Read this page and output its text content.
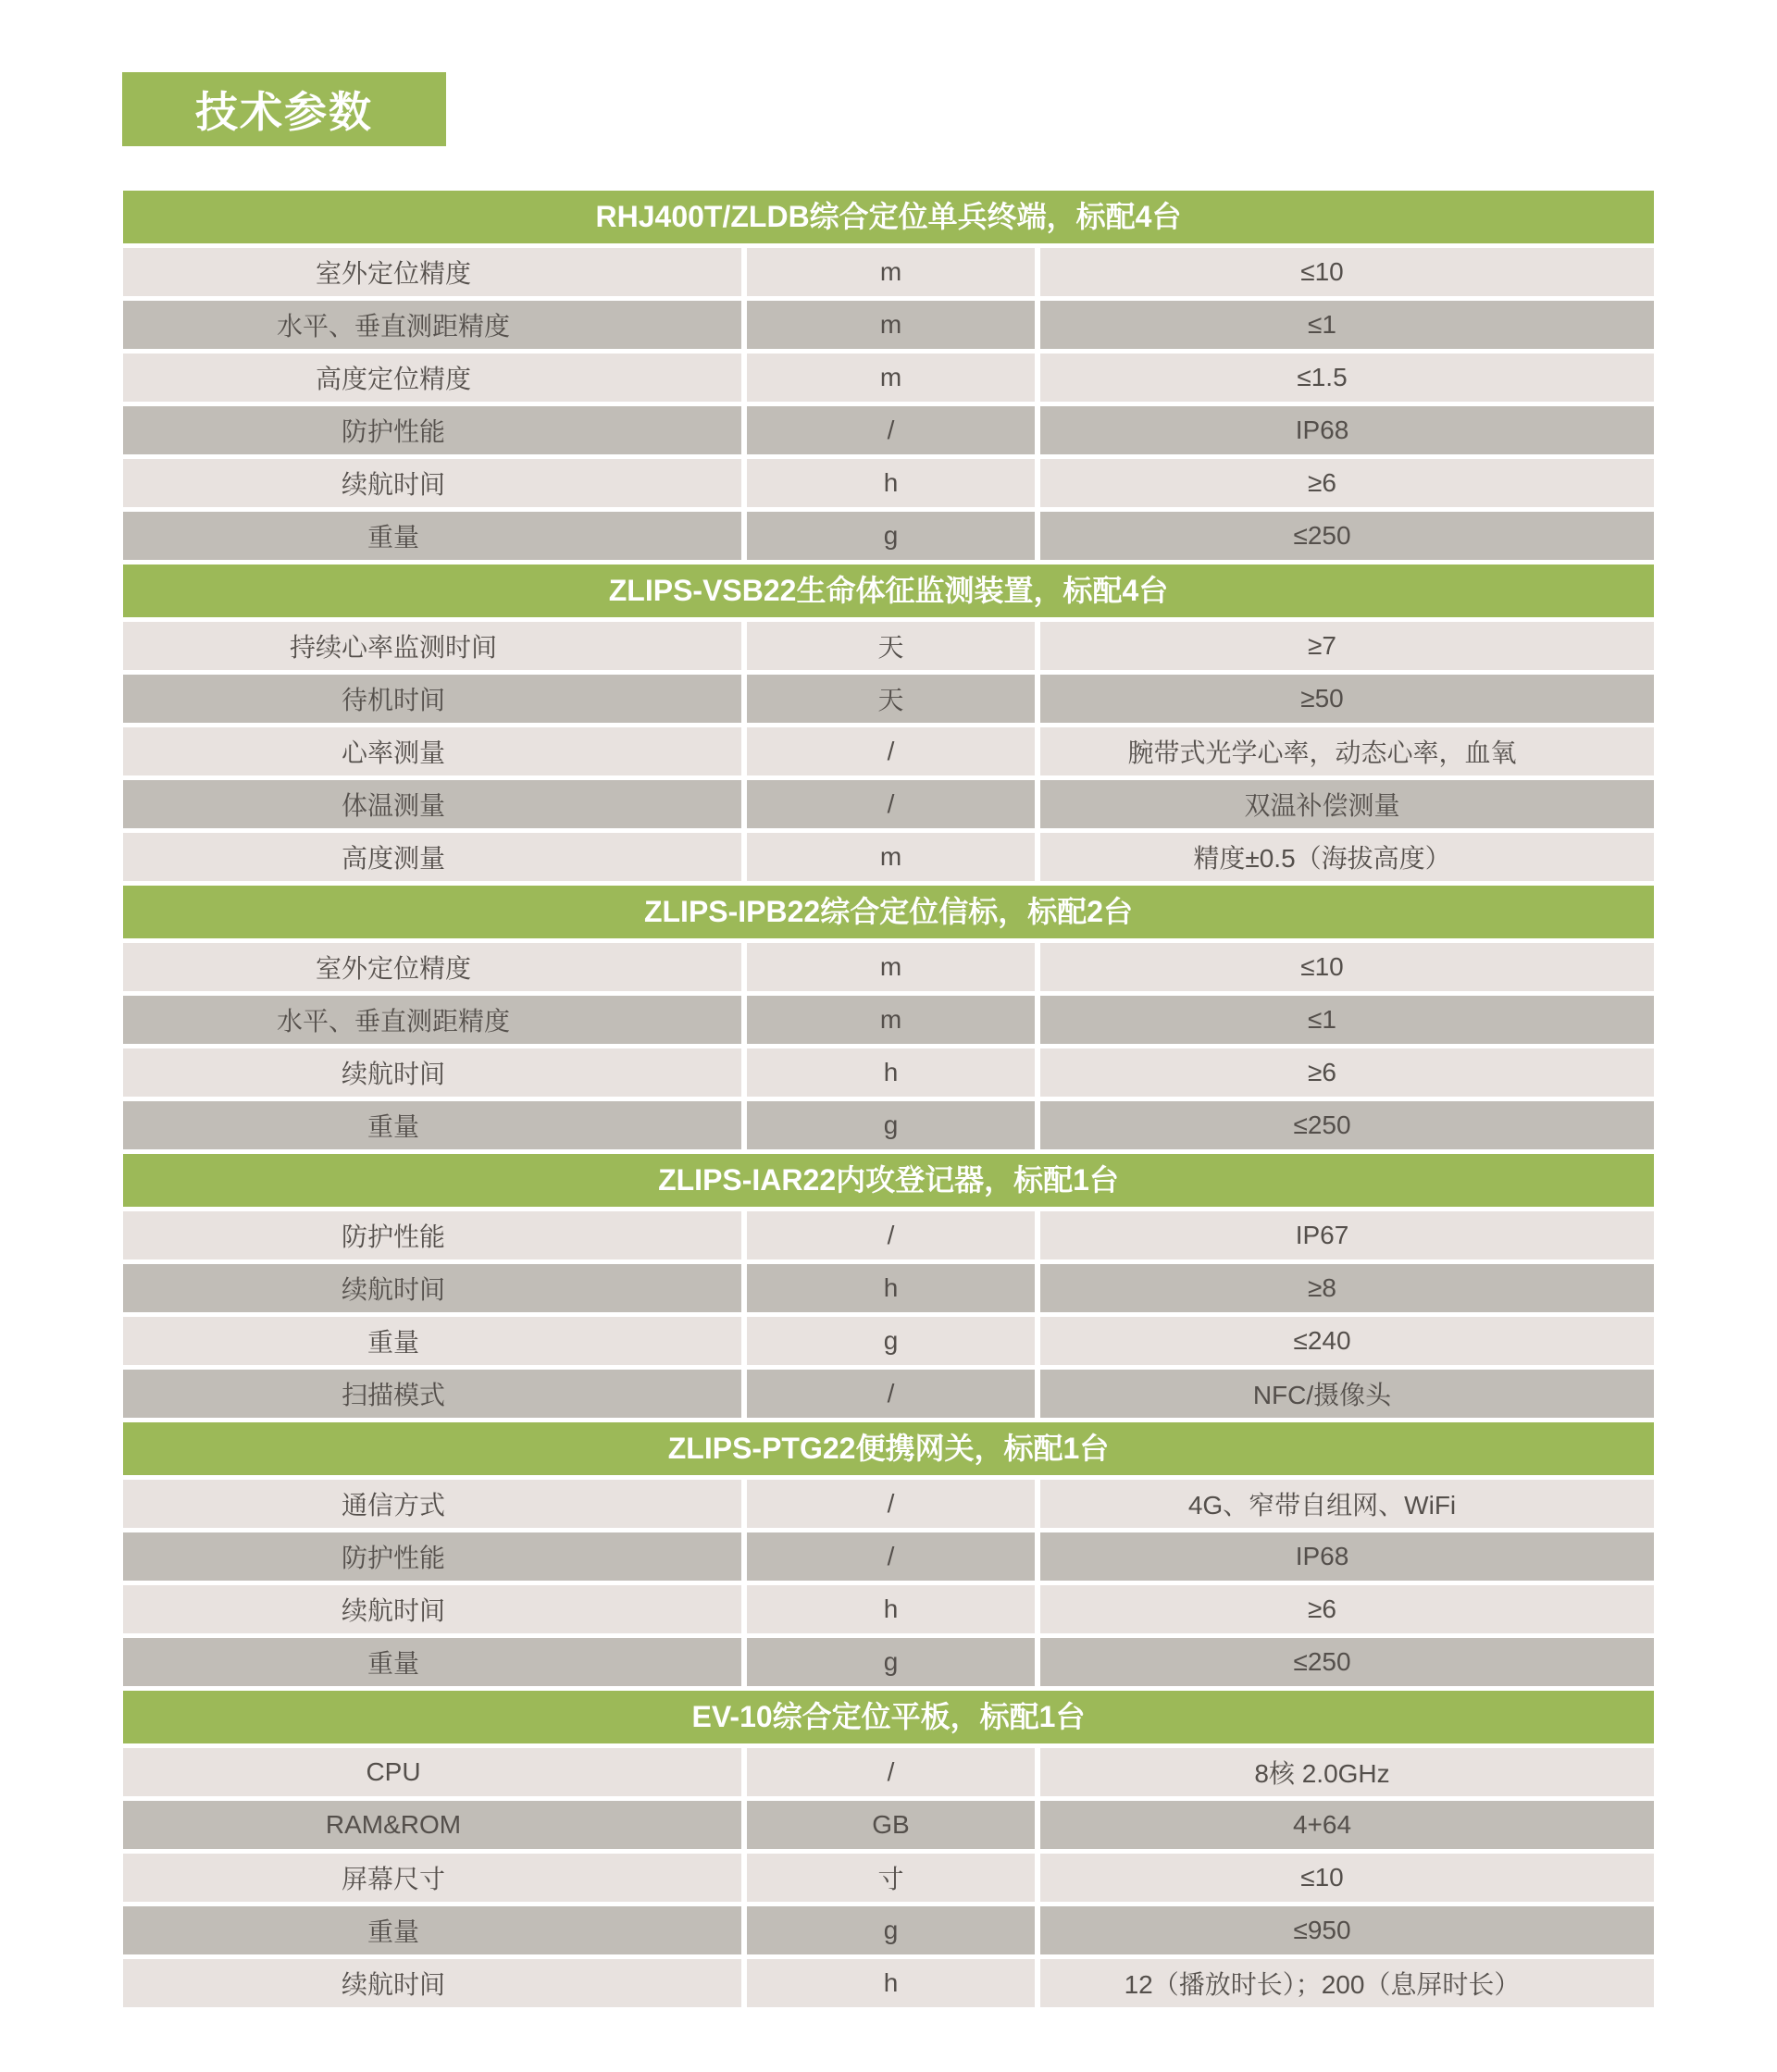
技术参数
RHJ400T/ZLDB综合定位单兵终端，标配4台
室外定位精度	m	≤10
水平、垂直测距精度	m	≤1
高度定位精度	m	≤1.5
防护性能	/	IP68
续航时间	h	≥6
重量	g	≤250
ZLIPS-VSB22生命体征监测装置，标配4台
持续心率监测时间	天	≥7
待机时间	天	≥50
心率测量	/	腕带式光学心率，动态心率，血氧
体温测量	/	双温补偿测量
高度测量	m	精度±0.5（海拔高度）
ZLIPS-IPB22综合定位信标，标配2台
室外定位精度	m	≤10
水平、垂直测距精度	m	≤1
续航时间	h	≥6
重量	g	≤250
ZLIPS-IAR22内攻登记器，标配1台
防护性能	/	IP67
续航时间	h	≥8
重量	g	≤240
扫描模式	/	NFC/摄像头
ZLIPS-PTG22便携网关，标配1台
通信方式	/	4G、窄带自组网、WiFi
防护性能	/	IP68
续航时间	h	≥6
重量	g	≤250
EV-10综合定位平板，标配1台
CPU	/	8核 2.0GHz
RAM&ROM	GB	4+64
屏幕尺寸	寸	≤10
重量	g	≤950
续航时间	h	12（播放时长）；200（息屏时长）
